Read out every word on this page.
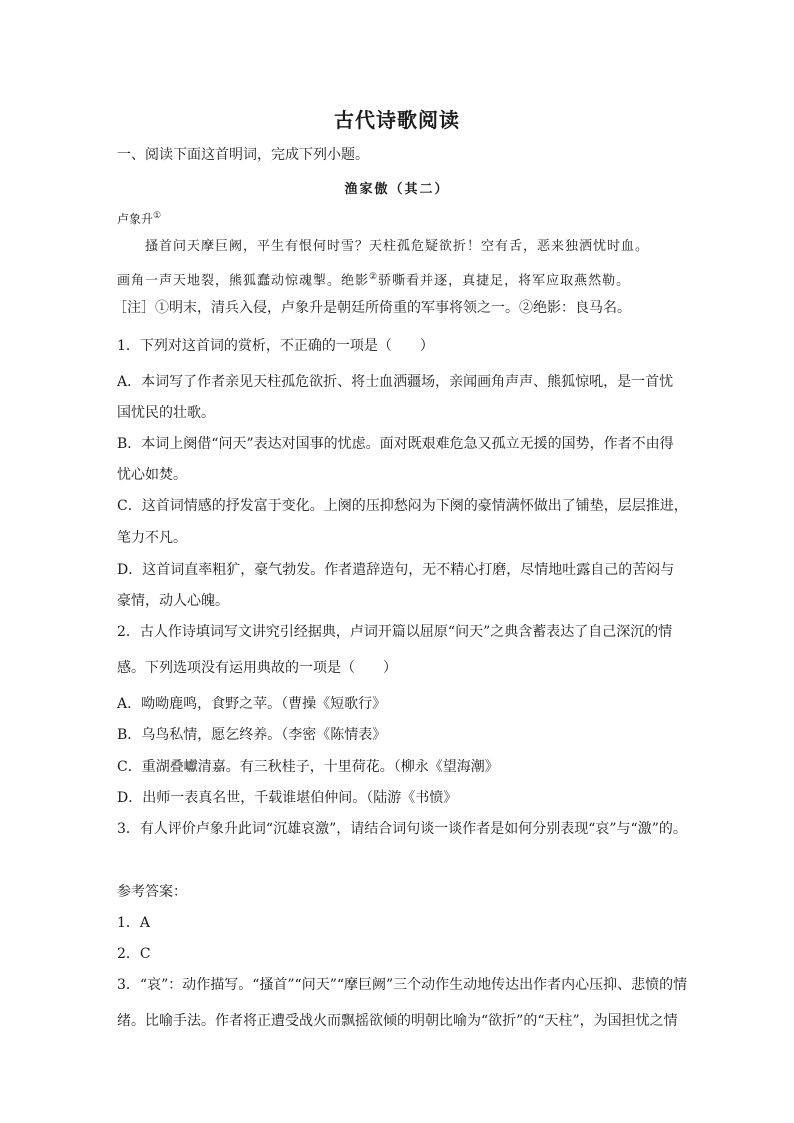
古代诗歌阅读
一、阅读下面这首明词，完成下列小题。
渔家傲（其二）
卢象升①
搔首问天摩巨阙，平生有恨何时雪？天柱孤危疑欲折！空有舌，恶来独洒忧时血。
画角一声天地裂，熊狐蠢动惊魂掣。绝影②骄嘶看并逐，真捷足，将军应取燕然勒。
［注］①明末，清兵入侵，卢象升是朝廷所倚重的军事将领之一。②绝影：良马名。
1．下列对这首词的赏析，不正确的一项是（　　）
A．本词写了作者亲见天柱孤危欲折、将士血洒疆场，亲闻画角声声、熊狐惊吼，是一首忧
国忧民的壮歌。
B．本词上阕借“问天”表达对国事的忧虑。面对既艰难危急又孤立无援的国势，作者不由得
忧心如焚。
C．这首词情感的抒发富于变化。上阕的压抑愁闷为下阕的豪情满怀做出了铺垫，层层推进，
笔力不凡。
D．这首词直率粗犷，豪气勃发。作者遣辞造句，无不精心打磨，尽情地吐露自己的苦闷与
豪情，动人心魄。
2．古人作诗填词写文讲究引经据典，卢词开篇以屈原“问天”之典含蓄表达了自己深沉的情
感。下列选项没有运用典故的一项是（　　）
A．呦呦鹿鸣，食野之苹。（曹操《短歌行》
B．乌鸟私情，愿乞终养。（李密《陈情表》
C．重湖叠巘清嘉。有三秋桂子，十里荷花。（柳永《望海潮》
D．出师一表真名世，千载谁堪伯仲间。（陆游《书愤》
3．有人评价卢象升此词“沉雄哀激”，请结合词句谈一谈作者是如何分别表现“哀”与“激”的。
参考答案：
1．A
2．C
3．“哀”：动作描写。“搔首”“问天”“摩巨阙”三个动作生动地传达出作者内心压抑、悲愤的情
绪。比喻手法。作者将正遭受战火而飘摇欲倾的明朝比喻为“欲折”的“天柱”，为国担忧之情
